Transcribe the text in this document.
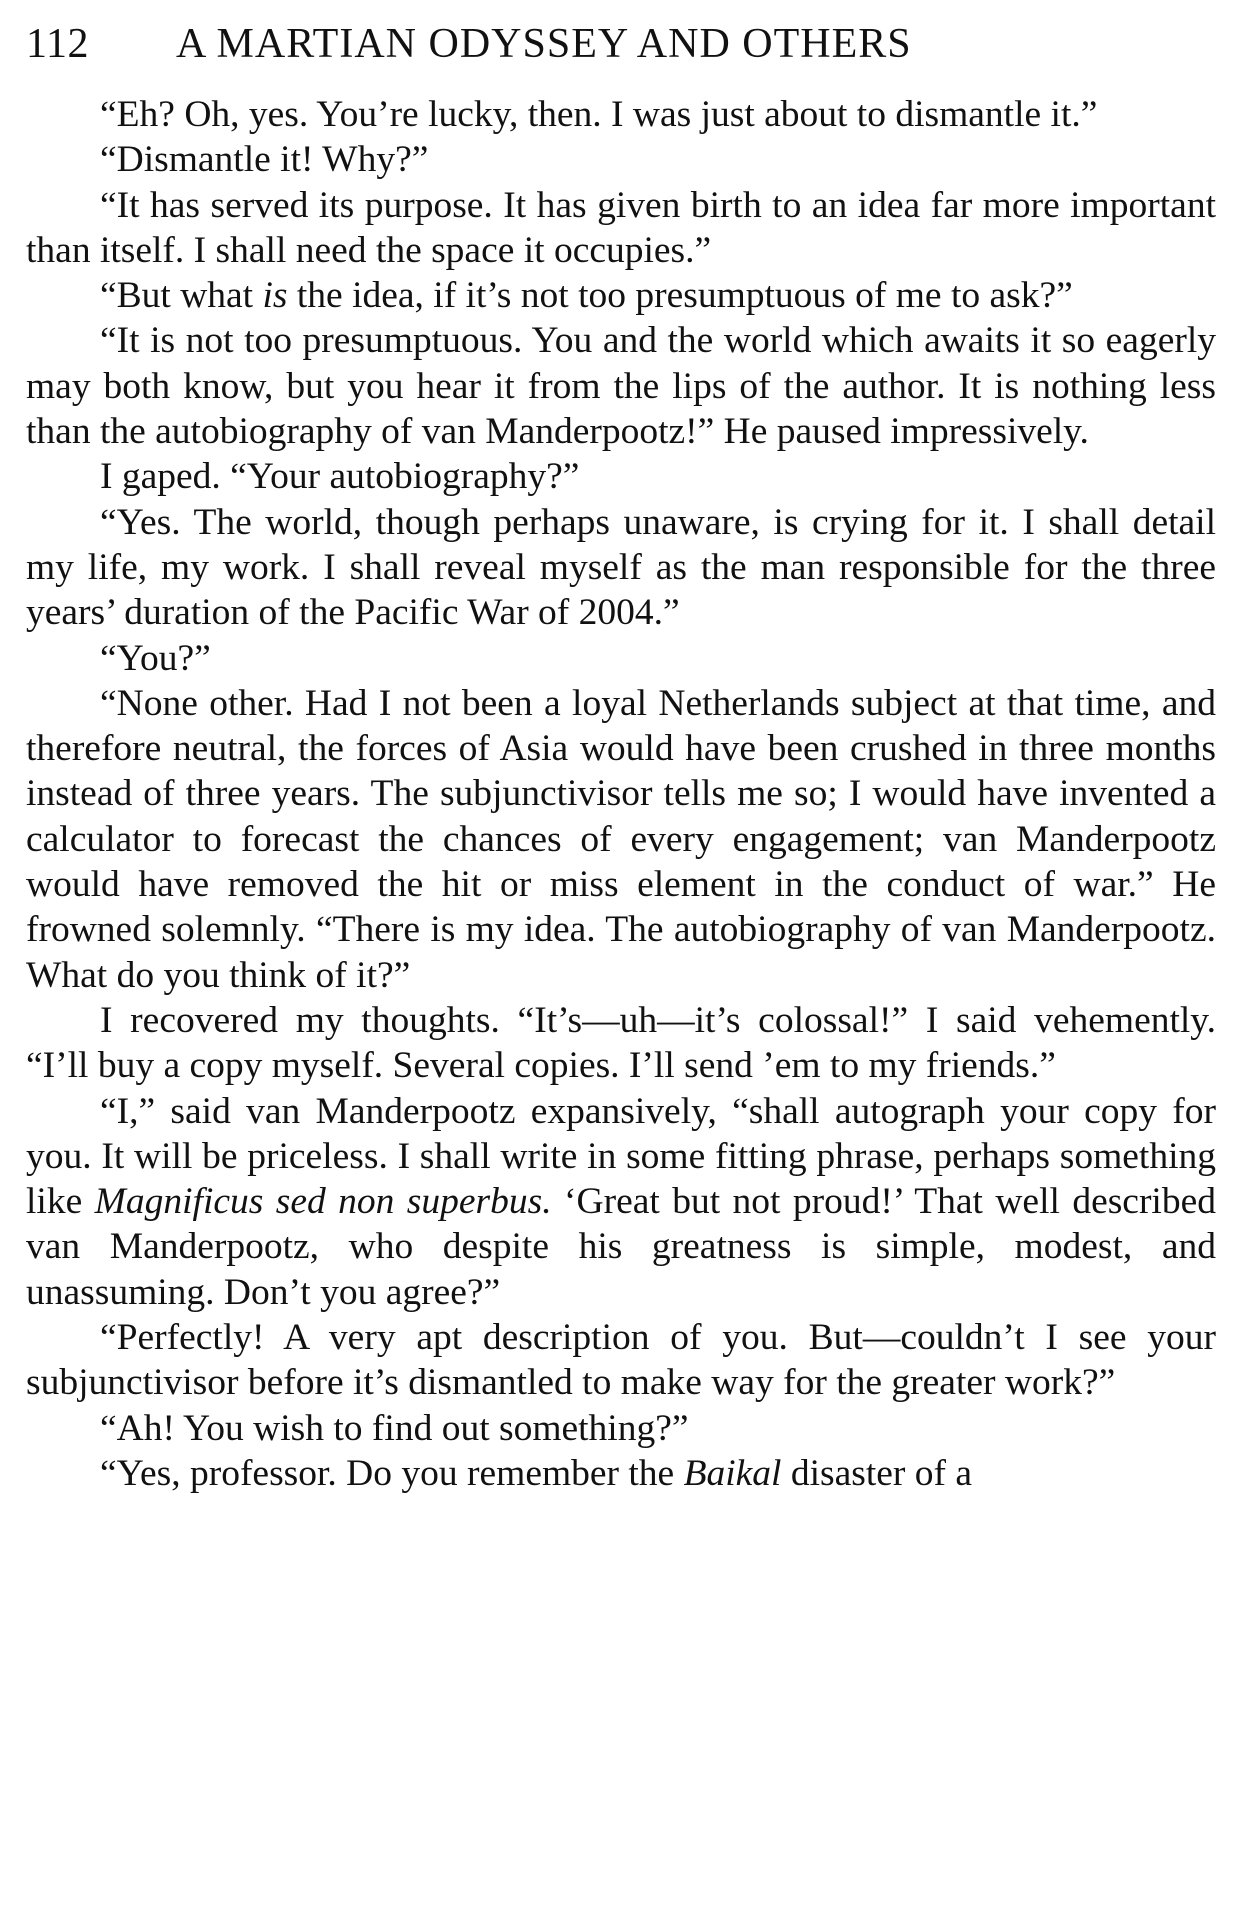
112 A MARTIAN ODYSSEY AND OTHERS

“Eh? Oh, yes. You’re lucky, then. I was just about to dismantle it.”

“Dismantle it! Why?”

“It has served its purpose. It has given birth to an idea far more important than itself. I shall need the space it occupies.”

“But what is the idea, if it’s not too presumptuous of me to ask?”

“It is not too presumptuous. You and the world which awaits it so eagerly may both know, but you hear it from the lips of the author. It is nothing less than the autobiography of van Manderpootz!” He paused impressively.

I gaped. “Your autobiography?”

“Yes. The world, though perhaps unaware, is crying for it. I shall detail my life, my work. I shall reveal myself as the man responsible for the three years’ duration of the Pacific War of 2004.”

“You?”

“None other. Had I not been a loyal Netherlands subject at that time, and therefore neutral, the forces of Asia would have been crushed in three months instead of three years. The subjunctivisor tells me so; I would have invented a calculator to forecast the chances of every engagement; van Manderpootz would have removed the hit or miss element in the conduct of war.” He frowned solemnly. “There is my idea. The autobiography of van Manderpootz. What do you think of it?”

I recovered my thoughts. “It’s—uh—it’s colossal!” I said vehemently. “I’ll buy a copy myself. Several copies. I’ll send ’em to my friends.”

“I,” said van Manderpootz expansively, “shall autograph your copy for you. It will be priceless. I shall write in some fitting phrase, perhaps something like Magnificus sed non superbus. ‘Great but not proud!’ That well described van Manderpootz, who despite his greatness is simple, modest, and unassuming. Don’t you agree?”

“Perfectly! A very apt description of you. But—couldn’t I see your subjunctivisor before it’s dismantled to make way for the greater work?”

“Ah! You wish to find out something?”

“Yes, professor. Do you remember the Baikal disaster of a
